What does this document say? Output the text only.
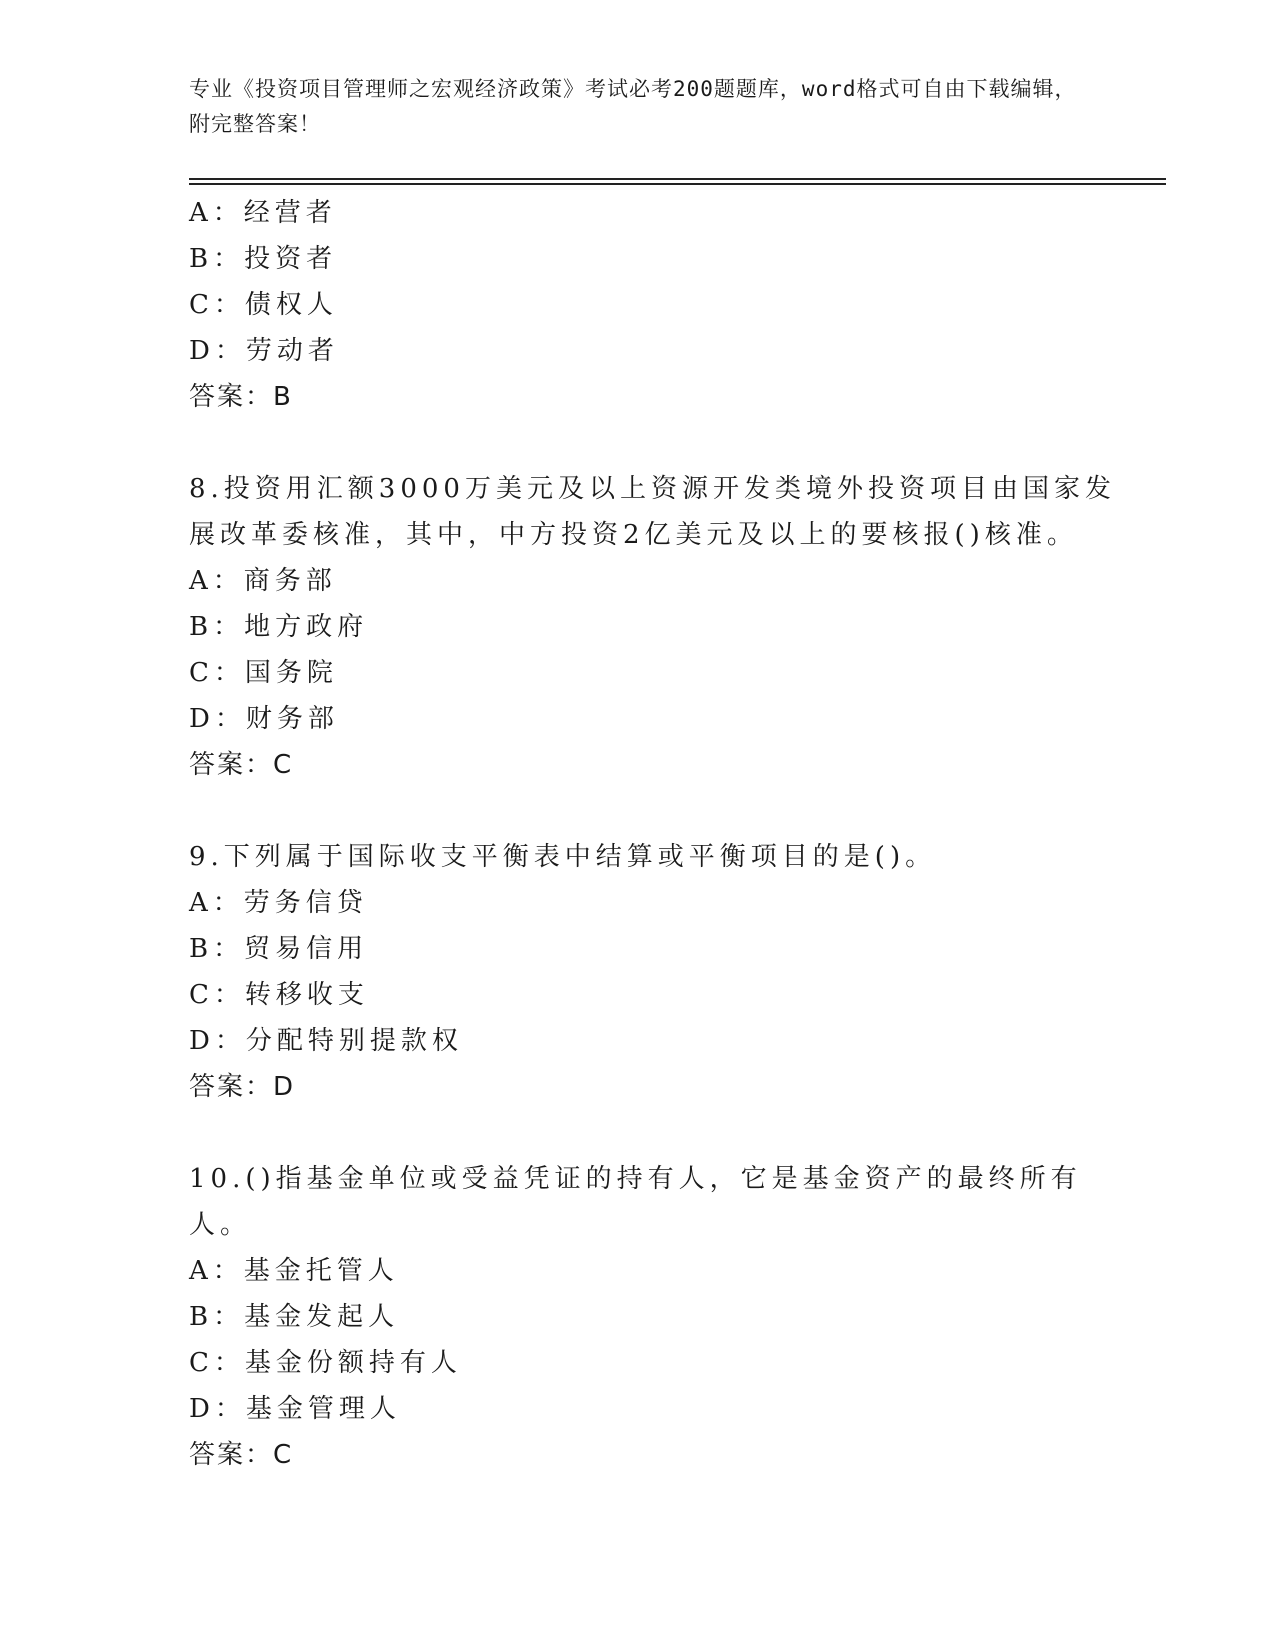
专业《投资项目管理师之宏观经济政策》考试必考200题题库，word格式可自由下载编辑，附完整答案！
A：经营者
B：投资者
C：债权人
D：劳动者
答案：B
8.投资用汇额3000万美元及以上资源开发类境外投资项目由国家发展改革委核准，其中，中方投资2亿美元及以上的要核报()核准。
A：商务部
B：地方政府
C：国务院
D：财务部
答案：C
9.下列属于国际收支平衡表中结算或平衡项目的是()。
A：劳务信贷
B：贸易信用
C：转移收支
D：分配特别提款权
答案：D
10.()指基金单位或受益凭证的持有人，它是基金资产的最终所有人。
A：基金托管人
B：基金发起人
C：基金份额持有人
D：基金管理人
答案：C
